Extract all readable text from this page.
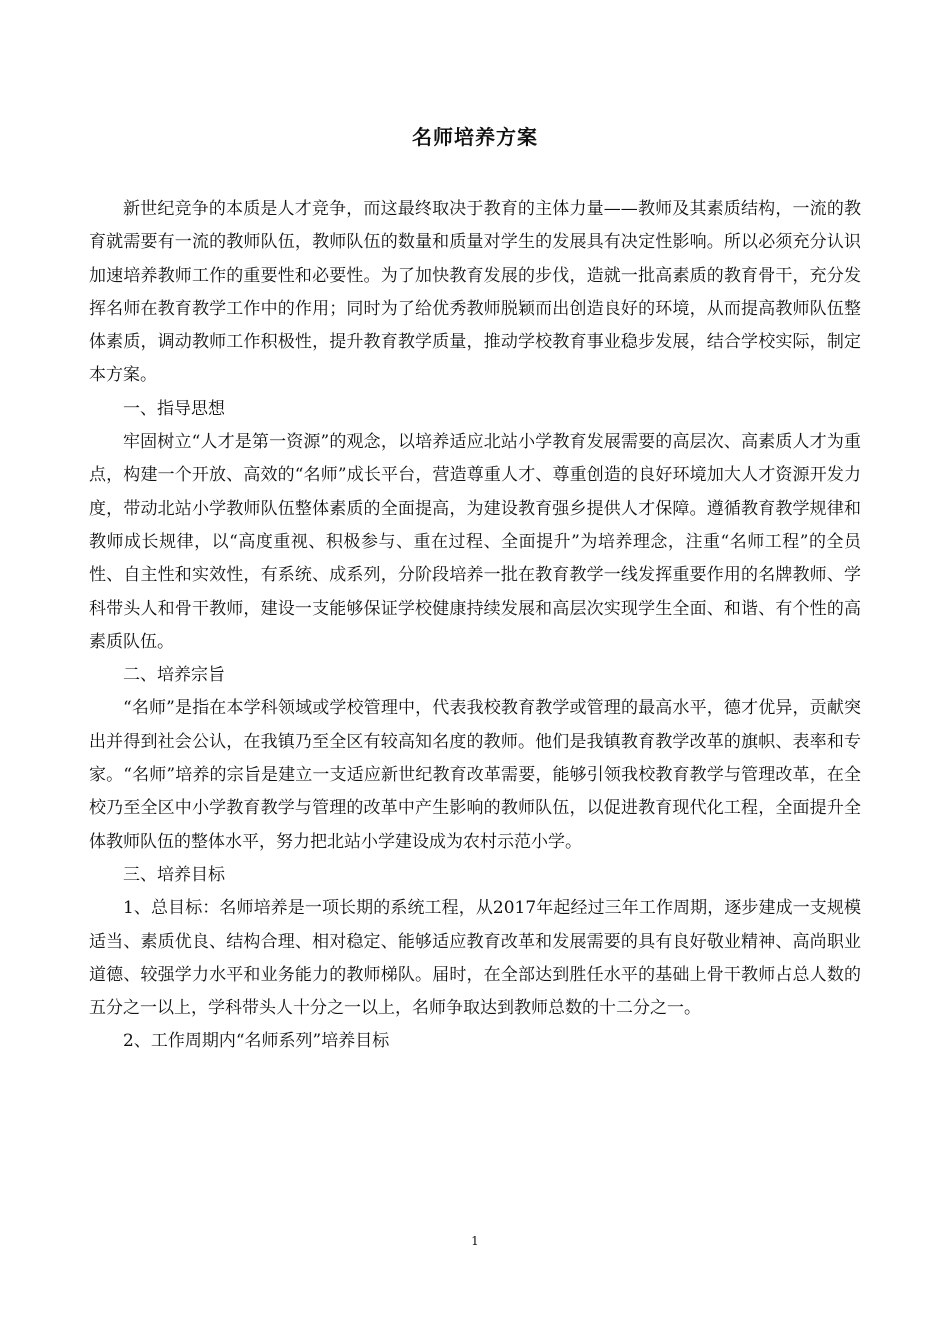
名师培养方案

新世纪竞争的本质是人才竞争，而这最终取决于教育的主体力量——教师及其素质结构，一流的教育就需要有一流的教师队伍，教师队伍的数量和质量对学生的发展具有决定性影响。所以必须充分认识加速培养教师工作的重要性和必要性。为了加快教育发展的步伐，造就一批高素质的教育骨干，充分发挥名师在教育教学工作中的作用；同时为了给优秀教师脱颖而出创造良好的环境，从而提高教师队伍整体素质，调动教师工作积极性，提升教育教学质量，推动学校教育事业稳步发展，结合学校实际，制定本方案。

一、指导思想

牢固树立“人才是第一资源”的观念，以培养适应北站小学教育发展需要的高层次、高素质人才为重点，构建一个开放、高效的“名师”成长平台，营造尊重人才、尊重创造的良好环境加大人才资源开发力度，带动北站小学教师队伍整体素质的全面提高，为建设教育强乡提供人才保障。遵循教育教学规律和教师成长规律，以“高度重视、积极参与、重在过程、全面提升”为培养理念，注重“名师工程”的全员性、自主性和实效性，有系统、成系列，分阶段培养一批在教育教学一线发挥重要作用的名牌教师、学科带头人和骨干教师，建设一支能够保证学校健康持续发展和高层次实现学生全面、和谐、有个性的高素质队伍。

二、培养宗旨

“名师”是指在本学科领域或学校管理中，代表我校教育教学或管理的最高水平，德才优异，贡献突出并得到社会公认，在我镇乃至全区有较高知名度的教师。他们是我镇教育教学改革的旗帜、表率和专家。“名师”培养的宗旨是建立一支适应新世纪教育改革需要，能够引领我校教育教学与管理改革，在全校乃至全区中小学教育教学与管理的改革中产生影响的教师队伍，以促进教育现代化工程，全面提升全体教师队伍的整体水平，努力把北站小学建设成为农村示范小学。

三、培养目标

1、总目标：名师培养是一项长期的系统工程，从2017年起经过三年工作周期，逐步建成一支规模适当、素质优良、结构合理、相对稳定、能够适应教育改革和发展需要的具有良好敬业精神、高尚职业道德、较强学力水平和业务能力的教师梯队。届时，在全部达到胜任水平的基础上骨干教师占总人数的五分之一以上，学科带头人十分之一以上，名师争取达到教师总数的十二分之一。

2、工作周期内“名师系列”培养目标

1
